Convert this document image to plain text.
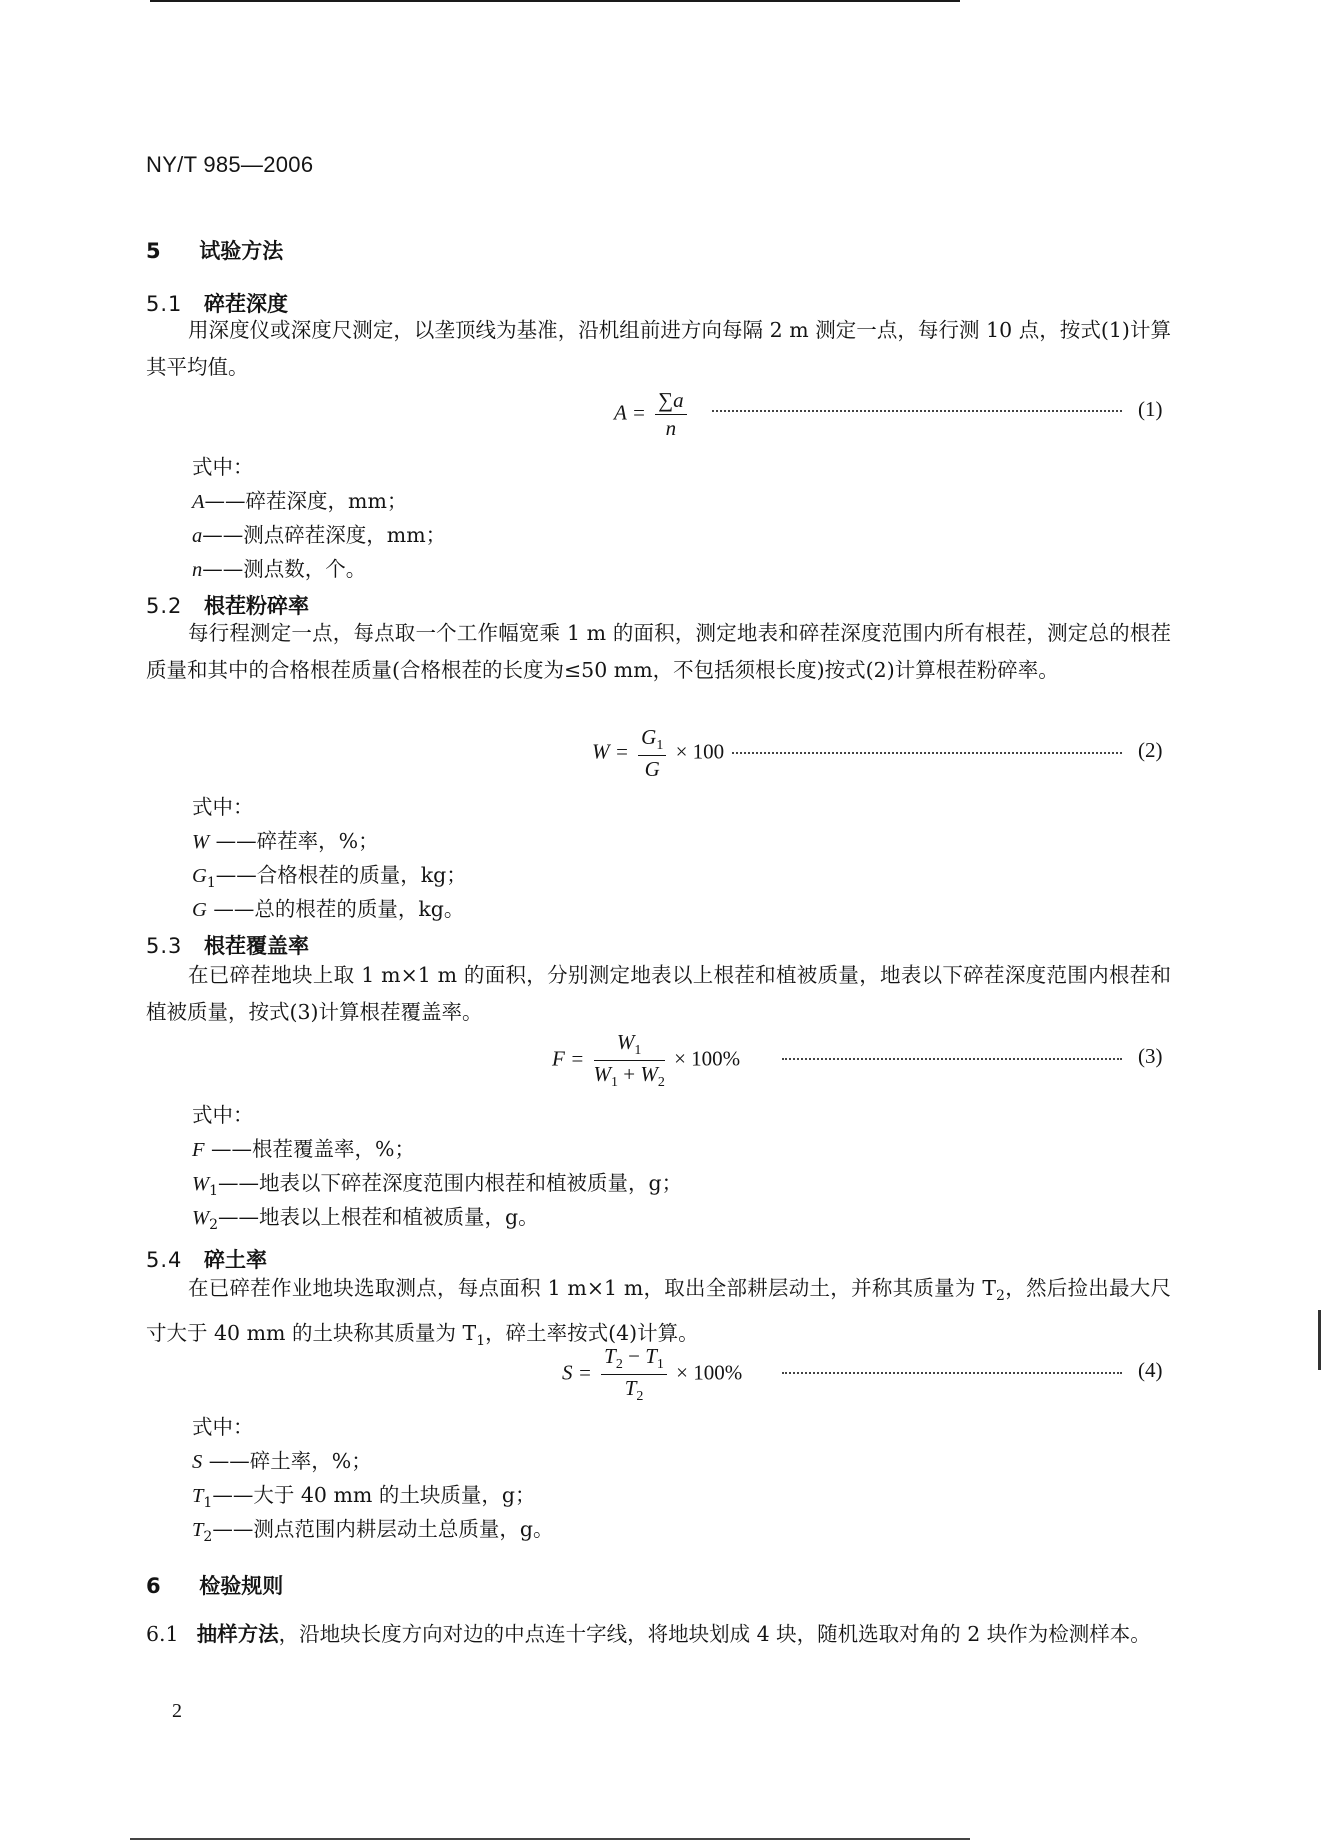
NY/T 985—2006
5 试验方法
5.1 碎茬深度
用深度仪或深度尺测定，以垄顶线为基准，沿机组前进方向每隔 2 m 测定一点，每行测 10 点，按式(1)计算其平均值。
$A = \frac{\sum a}{n}$	(1)
式中：
A——碎茬深度，mm；
a——测点碎茬深度，mm；
n——测点数，个。
5.2 根茬粉碎率
每行程测定一点，每点取一个工作幅宽乘 1 m 的面积，测定地表和碎茬深度范围内所有根茬，测定总的根茬质量和其中的合格根茬质量(合格根茬的长度为≤50 mm，不包括须根长度)按式(2)计算根茬粉碎率。
$W = \frac{G_1}{G} \times 100$	(2)
式中：
W ——碎茬率，%；
$G_1——$合格根茬的质量，kg；
G ——总的根茬的质量，kg。
5.3 根茬覆盖率
在已碎茬地块上取 1 m×1 m 的面积，分别测定地表以上根茬和植被质量，地表以下碎茬深度范围内根茬和植被质量，按式(3)计算根茬覆盖率。
$F = \frac{W_1}{W_1 + W_2} \times 100\%$	(3)
式中：
F ——根茬覆盖率，%；
$W_1——$地表以下碎茬深度范围内根茬和植被质量，g；
$W_2——$地表以上根茬和植被质量，g。
5.4 碎土率
在已碎茬作业地块选取测点，每点面积 1 m×1 m，取出全部耕层动土，并称其质量为 $T_2$，然后捡出最大尺寸大于 40 mm 的土块称其质量为 $T_1$，碎土率按式(4)计算。
$S = \frac{T_2 - T_1}{T_2} \times 100\%$	(4)
式中：
S ——碎土率，%；
$T_1——$大于 40 mm 的土块质量，g；
$T_2——$测点范围内耕层动土总质量，g。
6 检验规则
6.1 抽样方法，沿地块长度方向对边的中点连十字线，将地块划成 4 块，随机选取对角的 2 块作为检测样本。
2
